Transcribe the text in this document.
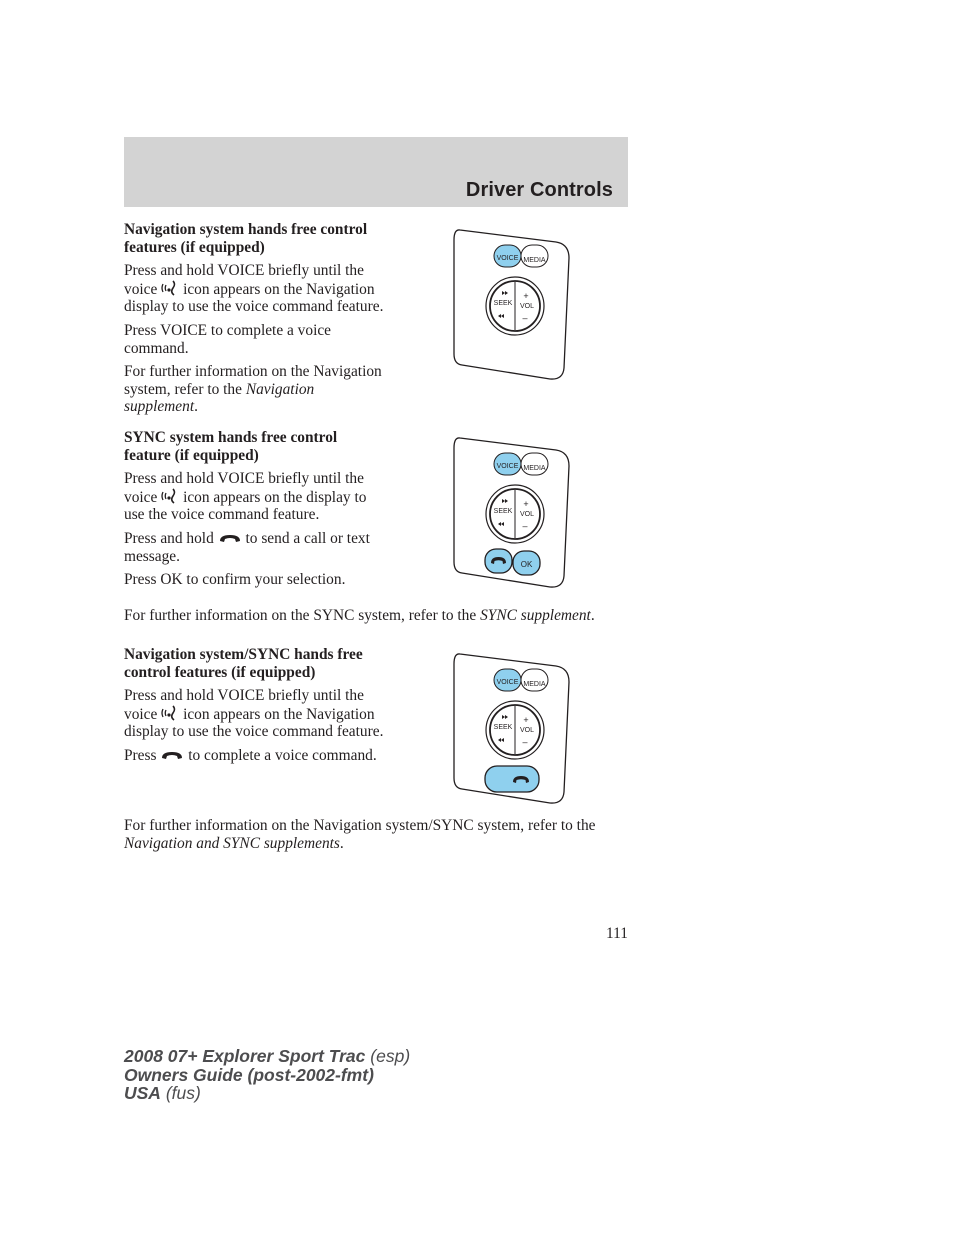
Driver Controls

Navigation system hands free control features (if equipped)

Press and hold VOICE briefly until the voice icon appears on the Navigation display to use the voice command feature.

Press VOICE to complete a voice command.

For further information on the Navigation system, refer to the Navigation supplement.

VOICE MEDIA
SEEK VOL
+
–

SYNC system hands free control feature (if equipped)

Press and hold VOICE briefly until the voice icon appears on the display to use the voice command feature.

Press and hold to send a call or text message.

Press OK to confirm your selection.

For further information on the SYNC system, refer to the SYNC supplement.

VOICE MEDIA
SEEK VOL
+
–
OK

Navigation system/SYNC hands free control features (if equipped)

Press and hold VOICE briefly until the voice icon appears on the Navigation display to use the voice command feature.

Press to complete a voice command.

For further information on the Navigation system/SYNC system, refer to the Navigation and SYNC supplements.

VOICE MEDIA
SEEK VOL
+
–
111
2008 07+ Explorer Sport Trac (esp)
Owners Guide (post-2002-fmt)
USA (fus)
